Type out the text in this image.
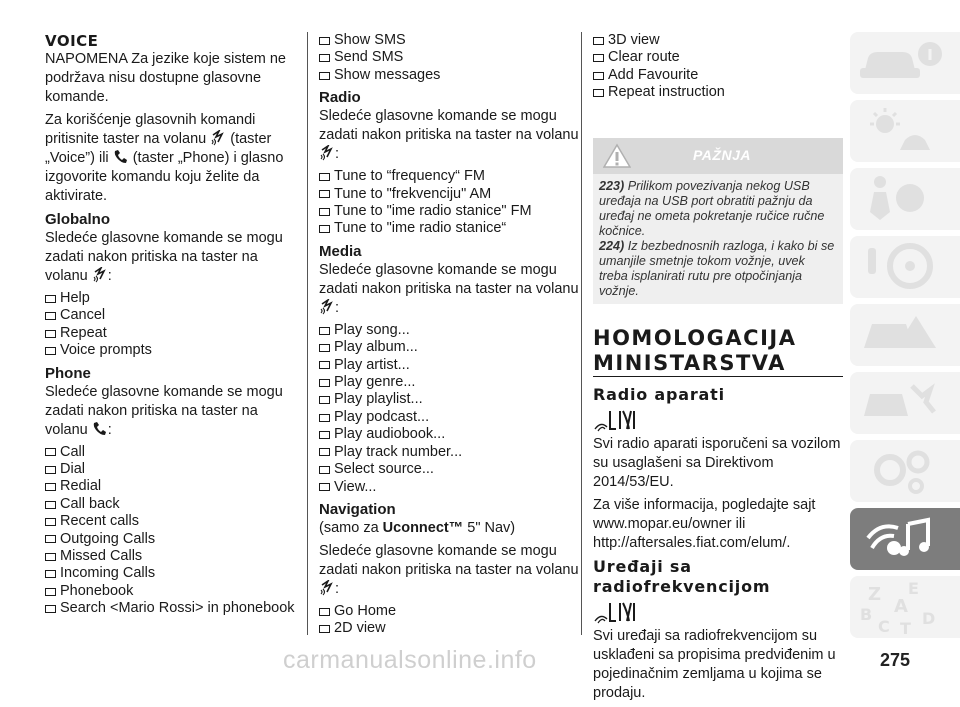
VOICE

NAPOMENA Za jezike koje sistem ne podržava nisu dostupne glasovne komande.

Za korišćenje glasovnih komandi pritisnite taster na volanu (taster „Voice”) ili (taster „Phone) i glasno izgovorite komandu koju želite da aktivirate.

Globalno

Sledeće glasovne komande se mogu zadati nakon pritiska na taster na volanu :

Help
Cancel
Repeat
Voice prompts
Phone

Sledeće glasovne komande se mogu zadati nakon pritiska na taster na volanu :

Call
Dial
Redial
Call back
Recent calls
Outgoing Calls
Missed Calls
Incoming Calls
Phonebook
Search <Mario Rossi> in phonebook
Show SMS
Send SMS
Show messages
Radio

Sledeće glasovne komande se mogu zadati nakon pritiska na taster na volanu :

Tune to “frequency“ FM
Tune to "frekvenciju" AM
Tune to "ime radio stanice" FM
Tune to "ime radio stanice“
Media

Sledeće glasovne komande se mogu zadati nakon pritiska na taster na volanu :

Play song...
Play album...
Play artist...
Play genre...
Play playlist...
Play podcast...
Play audiobook...
Play track number...
Select source...
View...
Navigation

(samo za Uconnect™ 5" Nav)

Sledeće glasovne komande se mogu zadati nakon pritiska na taster na volanu :

Go Home
2D view
3D view
Clear route
Add Favourite
Repeat instruction
PAŽNJA

223) Prilikom povezivanja nekog USB uređaja na USB port obratiti pažnju da uređaj ne ometa pokretanje ručice ručne kočnice.

224) Iz bezbednosnih razloga, i kako bi se umanjile smetnje tokom vožnje, uvek treba isplanirati rutu pre otpočinjanja vožnje.

HOMOLOGACIJA
MINISTARSTVA
Radio aparati

Svi radio aparati isporučeni sa vozilom su usaglašeni sa Direktivom 2014/53/EU.

Za više informacija, pogledajte sajt www.mopar.eu/owner ili http://aftersales.fiat.com/elum/.

Uređaji sa
radiofrekvencijom

Svi uređaji sa radiofrekvencijom su usklađeni sa propisima predviđenim u pojedinačnim zemljama u kojima se prodaju.

Z E
A
B
C T
D
275
carmanualsonline.info
